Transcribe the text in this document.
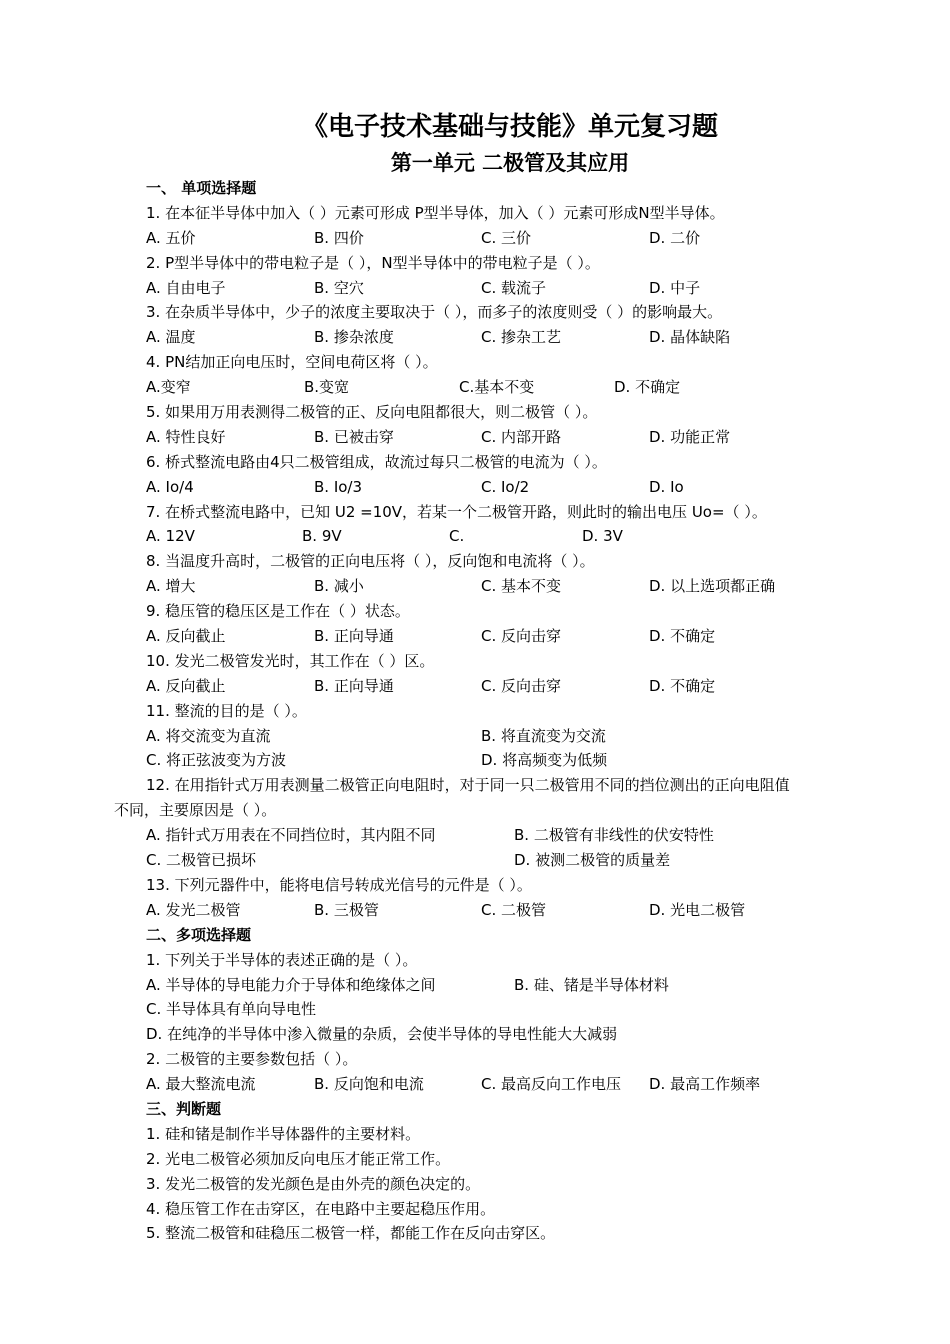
《电子技术基础与技能》单元复习题
第一单元 二极管及其应用
一、 单项选择题
1. 在本征半导体中加入（ ）元素可形成 P型半导体，加入（ ）元素可形成N型半导体。
A. 五价	B. 四价	C. 三价	D. 二价
2. P型半导体中的带电粒子是（ ），N型半导体中的带电粒子是（ ）。
A. 自由电子	B. 空穴	C. 载流子	D. 中子
3. 在杂质半导体中，少子的浓度主要取决于（ ），而多子的浓度则受（ ）的影响最大。
A. 温度	B. 掺杂浓度	C. 掺杂工艺	D. 晶体缺陷
4. PN结加正向电压时，空间电荷区将（ ）。
A.变窄	B.变宽	C.基本不变	D. 不确定
5. 如果用万用表测得二极管的正、反向电阻都很大，则二极管（ ）。
A. 特性良好	B. 已被击穿	C. 内部开路	D. 功能正常
6. 桥式整流电路由4只二极管组成，故流过每只二极管的电流为（ ）。
A. Io/4	B. Io/3	C. Io/2	D. Io
7. 在桥式整流电路中，已知 U2 =10V，若某一个二极管开路，则此时的输出电压 Uo=（ ）。
A. 12V	B. 9V	C.	D. 3V
8. 当温度升高时，二极管的正向电压将（ ），反向饱和电流将（ ）。
A. 增大	B. 减小	C. 基本不变	D. 以上选项都正确
9. 稳压管的稳压区是工作在（ ）状态。
A. 反向截止	B. 正向导通	C. 反向击穿	D. 不确定
10. 发光二极管发光时，其工作在（ ）区。
A. 反向截止	B. 正向导通	C. 反向击穿	D. 不确定
11. 整流的目的是（ ）。
A. 将交流变为直流	B. 将直流变为交流
C. 将正弦波变为方波	D. 将高频变为低频
12. 在用指针式万用表测量二极管正向电阻时，对于同一只二极管用不同的挡位测出的正向电阻值
不同，主要原因是（ ）。
A. 指针式万用表在不同挡位时，其内阻不同	B. 二极管有非线性的伏安特性
C. 二极管已损坏	D. 被测二极管的质量差
13. 下列元器件中，能将电信号转成光信号的元件是（ ）。
A. 发光二极管	B. 三极管	C. 二极管	D. 光电二极管
二、多项选择题
1. 下列关于半导体的表述正确的是（ ）。
A. 半导体的导电能力介于导体和绝缘体之间	B. 硅、锗是半导体材料
C. 半导体具有单向导电性
D. 在纯净的半导体中渗入微量的杂质，会使半导体的导电性能大大减弱
2. 二极管的主要参数包括（ ）。
A. 最大整流电流	B. 反向饱和电流	C. 最高反向工作电压 D. 最高工作频率
三、判断题
1. 硅和锗是制作半导体器件的主要材料。
2. 光电二极管必须加反向电压才能正常工作。
3. 发光二极管的发光颜色是由外壳的颜色决定的。
4. 稳压管工作在击穿区，在电路中主要起稳压作用。
5. 整流二极管和硅稳压二极管一样，都能工作在反向击穿区。
